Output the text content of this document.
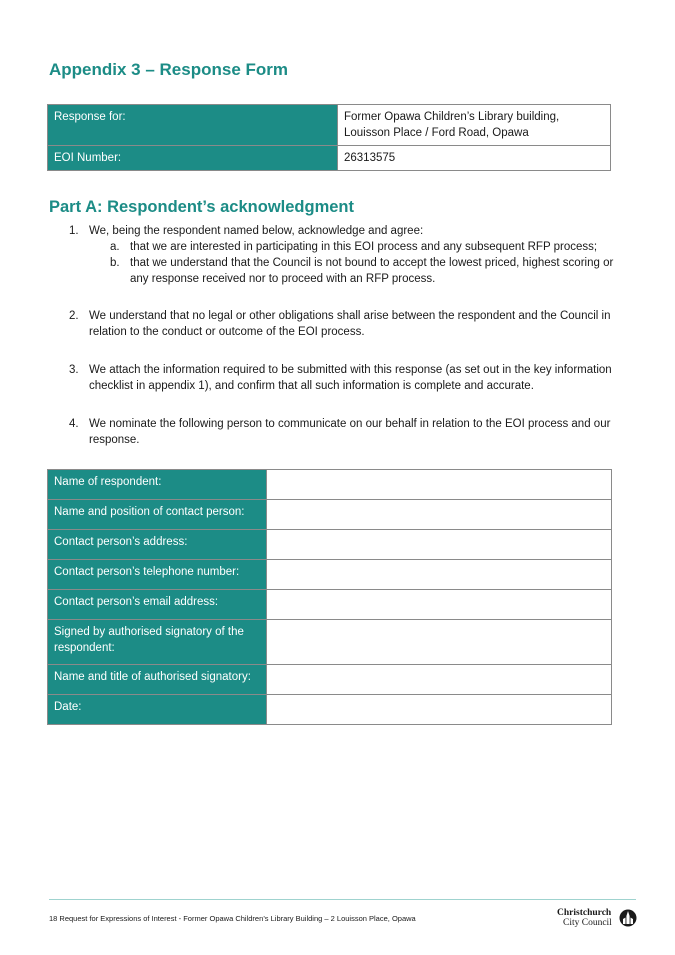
Appendix 3 – Response Form
Response for:	Former Opawa Children’s Library building,
Louisson Place / Ford Road, Opawa

EOI Number:	26313575
Part A: Respondent’s acknowledgment
1. We, being the respondent named below, acknowledge and agree:
a. that we are interested in participating in this EOI process and any subsequent RFP process;
b. that we understand that the Council is not bound to accept the lowest priced, highest scoring or any response received nor to proceed with an RFP process.
2. We understand that no legal or other obligations shall arise between the respondent and the Council in relation to the conduct or outcome of the EOI process.
3. We attach the information required to be submitted with this response (as set out in the key information checklist in appendix 1), and confirm that all such information is complete and accurate.
4. We nominate the following person to communicate on our behalf in relation to the EOI process and our response.
Name of respondent:	
Name and position of contact person:	
Contact person’s address:	
Contact person’s telephone number:	
Contact person’s email address:	
Signed by authorised signatory of the respondent:	
Name and title of authorised signatory:	
Date:	
18 Request for Expressions of Interest - Former Opawa Children’s Library Building – 2 Louisson Place, Opawa
Christchurch
City Council
